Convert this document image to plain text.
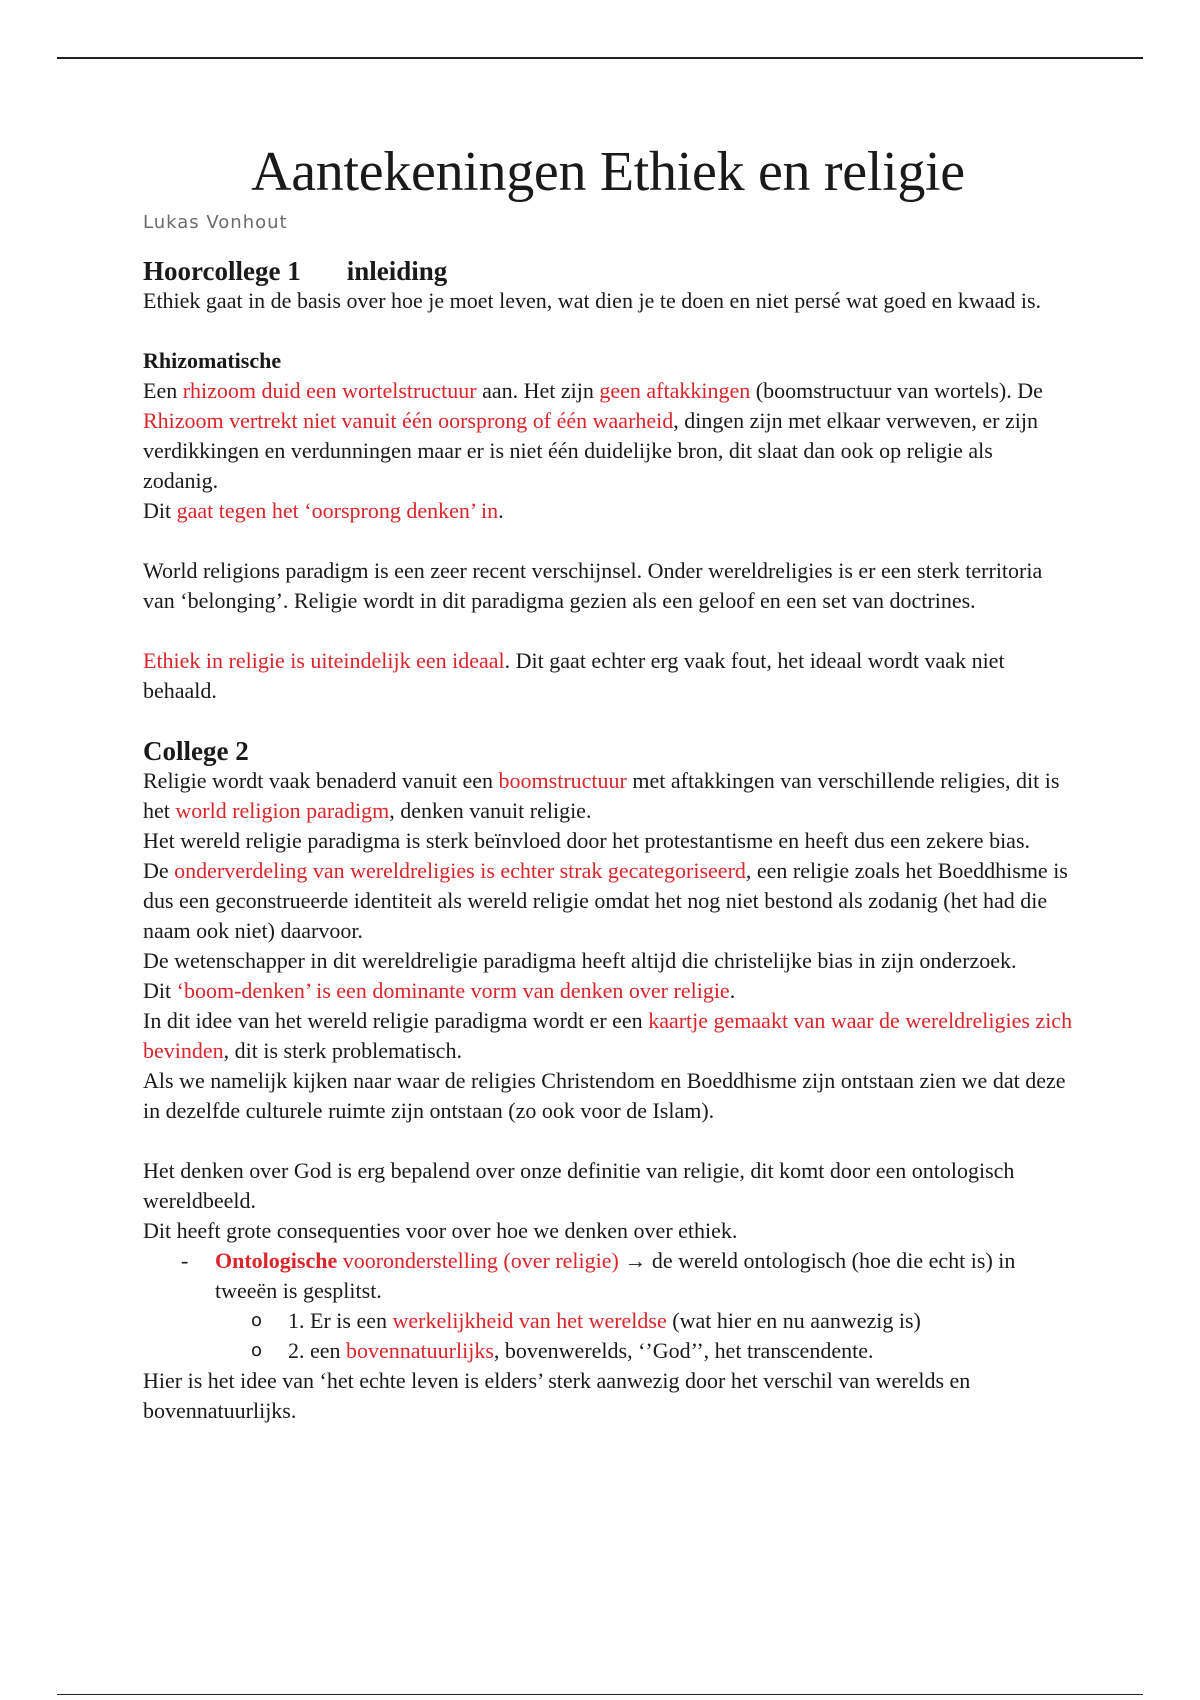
Aantekeningen Ethiek en religie
Lukas Vonhout
Hoorcollege 1 inleiding

Ethiek gaat in de basis over hoe je moet leven, wat dien je te doen en niet persé wat goed en kwaad is.

Rhizomatische

Een rhizoom duid een wortelstructuur aan. Het zijn geen aftakkingen (boomstructuur van wortels). De Rhizoom vertrekt niet vanuit één oorsprong of één waarheid, dingen zijn met elkaar verweven, er zijn verdikkingen en verdunningen maar er is niet één duidelijke bron, dit slaat dan ook op religie als zodanig.

Dit gaat tegen het ‘oorsprong denken’ in.

World religions paradigm is een zeer recent verschijnsel. Onder wereldreligies is er een sterk territoria van ‘belonging’. Religie wordt in dit paradigma gezien als een geloof en een set van doctrines.

Ethiek in religie is uiteindelijk een ideaal. Dit gaat echter erg vaak fout, het ideaal wordt vaak niet behaald.

College 2

Religie wordt vaak benaderd vanuit een boomstructuur met aftakkingen van verschillende religies, dit is het world religion paradigm, denken vanuit religie.

Het wereld religie paradigma is sterk beïnvloed door het protestantisme en heeft dus een zekere bias.

De onderverdeling van wereldreligies is echter strak gecategoriseerd, een religie zoals het Boeddhisme is dus een geconstrueerde identiteit als wereld religie omdat het nog niet bestond als zodanig (het had die naam ook niet) daarvoor.

De wetenschapper in dit wereldreligie paradigma heeft altijd die christelijke bias in zijn onderzoek.

Dit ‘boom-denken’ is een dominante vorm van denken over religie.

In dit idee van het wereld religie paradigma wordt er een kaartje gemaakt van waar de wereldreligies zich bevinden, dit is sterk problematisch.

Als we namelijk kijken naar waar de religies Christendom en Boeddhisme zijn ontstaan zien we dat deze in dezelfde culturele ruimte zijn ontstaan (zo ook voor de Islam).

Het denken over God is erg bepalend over onze definitie van religie, dit komt door een ontologisch wereldbeeld.

Dit heeft grote consequenties voor over hoe we denken over ethiek.

- Ontologische vooronderstelling (over religie) → de wereld ontologisch (hoe die echt is) in tweeën is gesplitst.
o 1. Er is een werkelijkheid van het wereldse (wat hier en nu aanwezig is)
o 2. een bovennatuurlijks, bovenwerelds, ‘’God’’, het transcendente.

Hier is het idee van ‘het echte leven is elders’ sterk aanwezig door het verschil van werelds en bovennatuurlijks.
